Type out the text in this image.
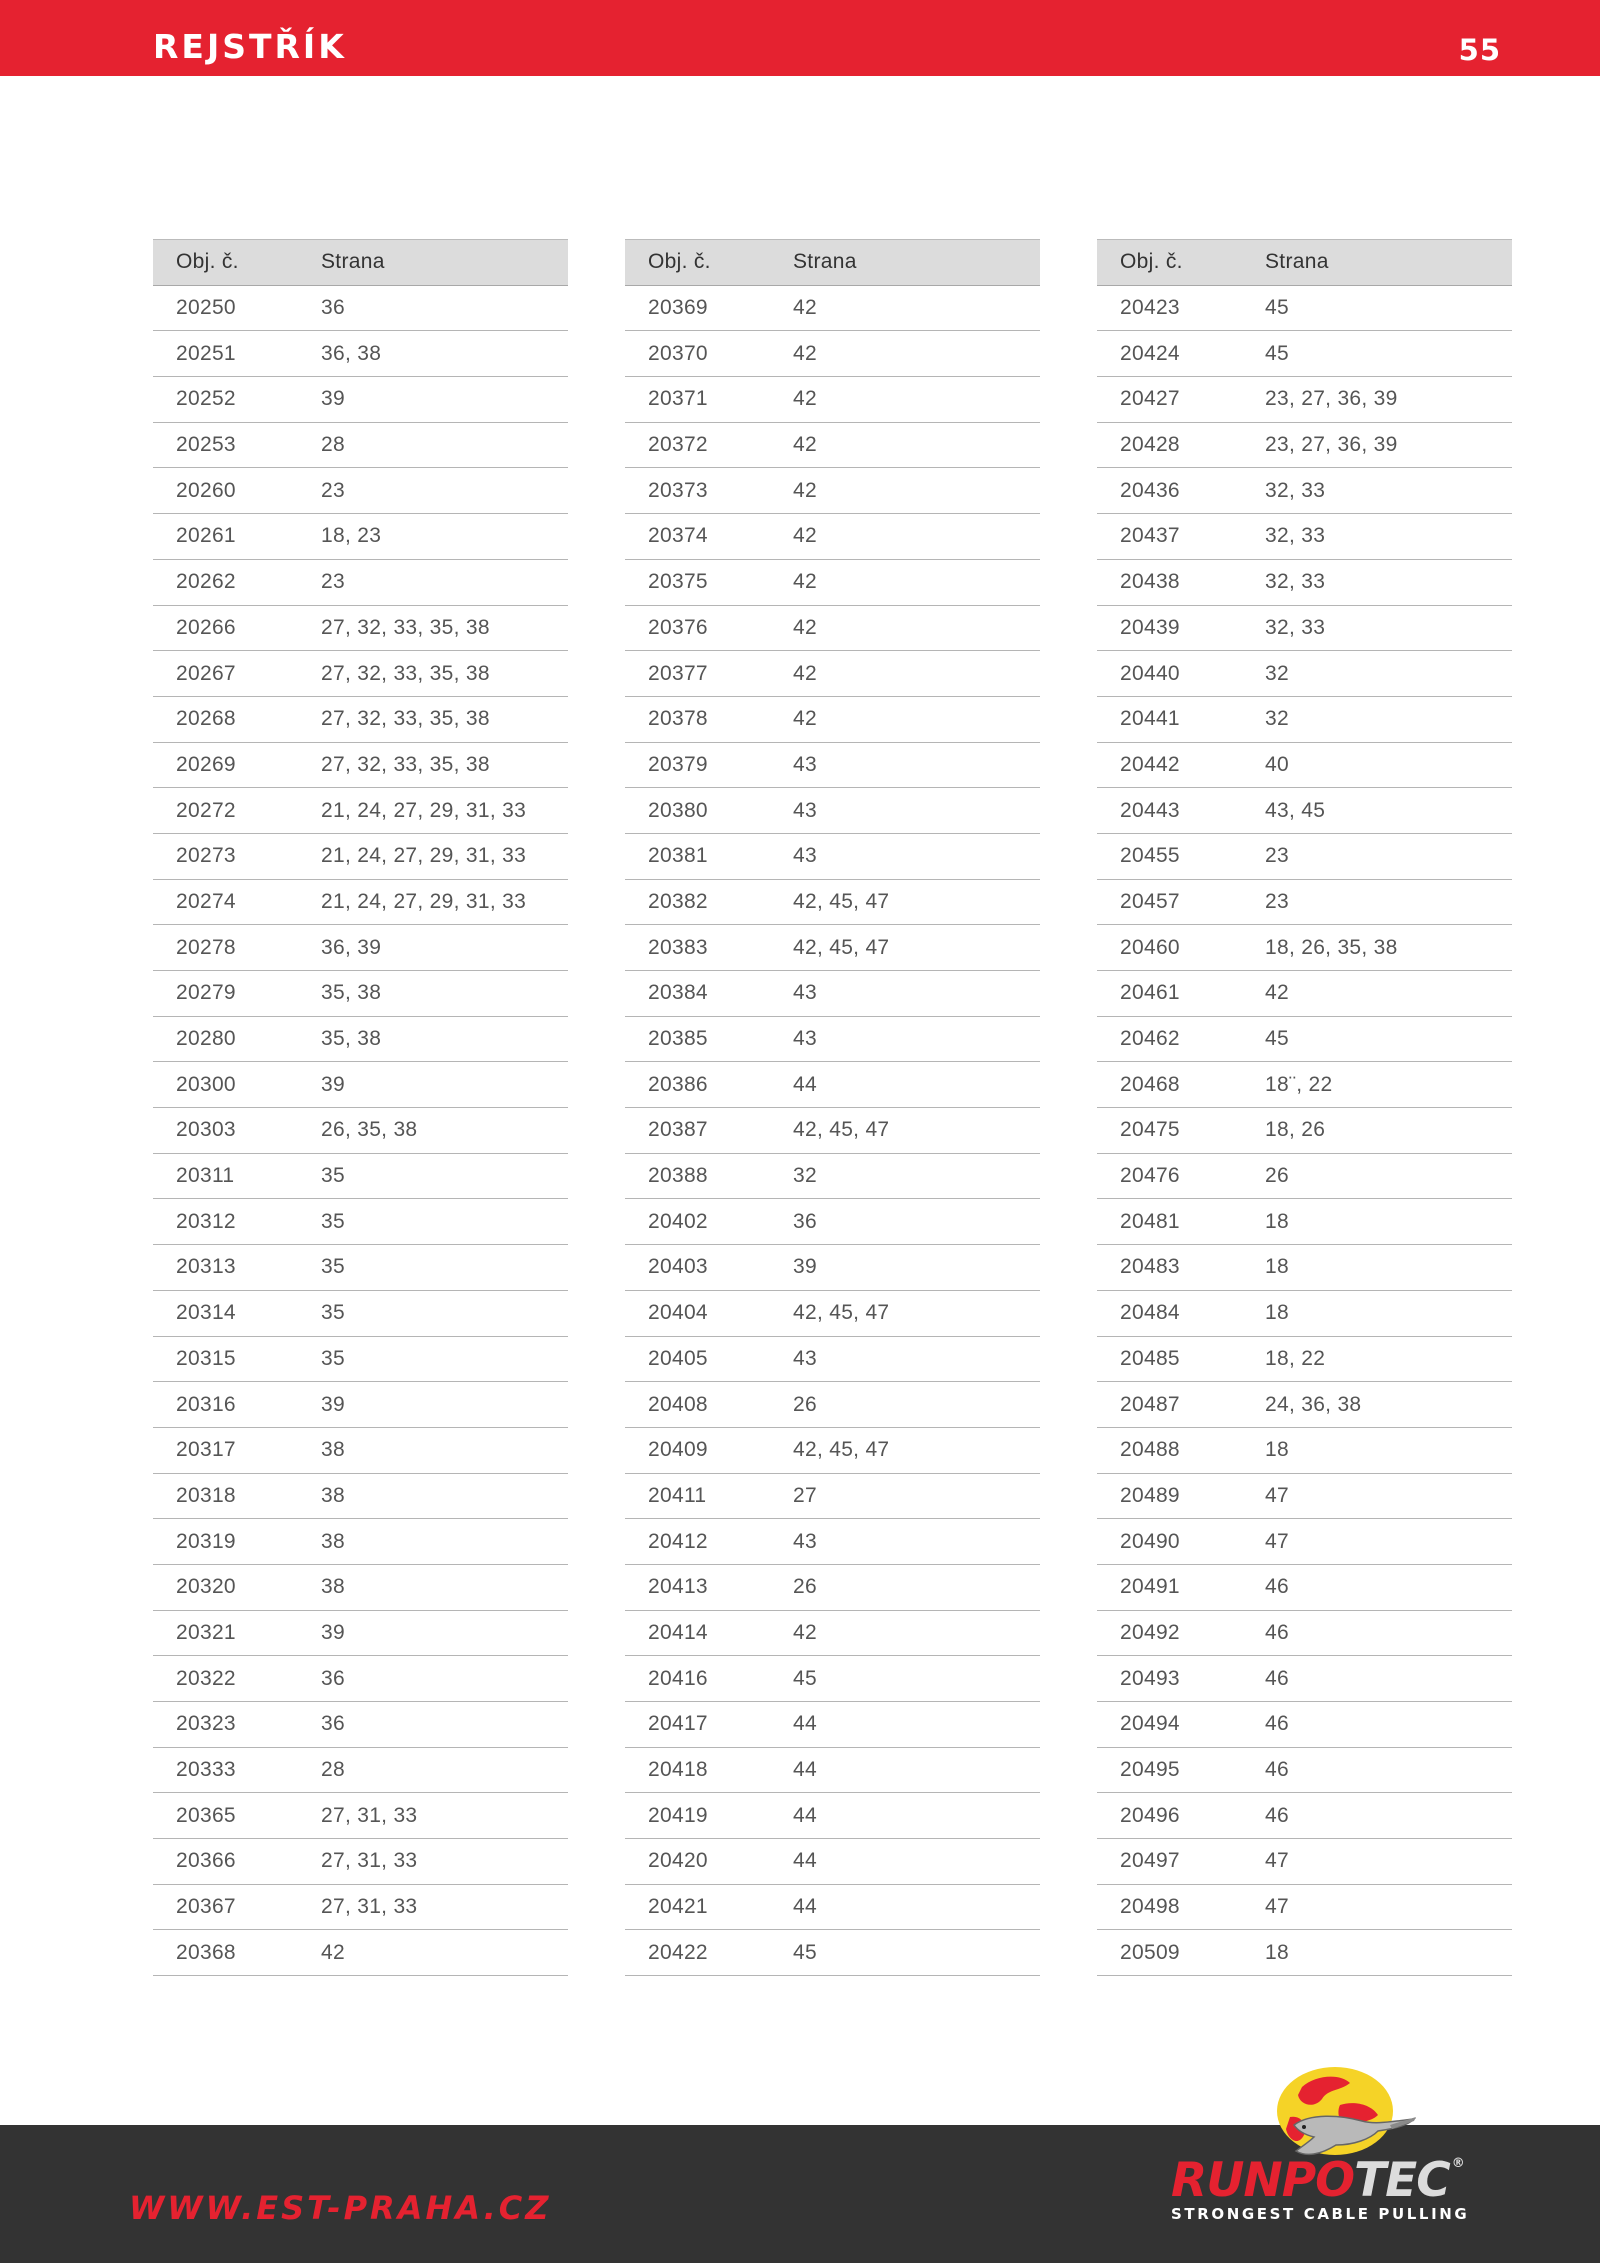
REJSTŘÍK	55
Obj. č.	Strana
20250	36
20251	36, 38
20252	39
20253	28
20260	23
20261	18, 23
20262	23
20266	27, 32, 33, 35, 38
20267	27, 32, 33, 35, 38
20268	27, 32, 33, 35, 38
20269	27, 32, 33, 35, 38
20272	21, 24, 27, 29, 31, 33
20273	21, 24, 27, 29, 31, 33
20274	21, 24, 27, 29, 31, 33
20278	36, 39
20279	35, 38
20280	35, 38
20300	39
20303	26, 35, 38
20311	35
20312	35
20313	35
20314	35
20315	35
20316	39
20317	38
20318	38
20319	38
20320	38
20321	39
20322	36
20323	36
20333	28
20365	27, 31, 33
20366	27, 31, 33
20367	27, 31, 33
20368	42
Obj. č.	Strana
20369	42
20370	42
20371	42
20372	42
20373	42
20374	42
20375	42
20376	42
20377	42
20378	42
20379	43
20380	43
20381	43
20382	42, 45, 47
20383	42, 45, 47
20384	43
20385	43
20386	44
20387	42, 45, 47
20388	32
20402	36
20403	39
20404	42, 45, 47
20405	43
20408	26
20409	42, 45, 47
20411	27
20412	43
20413	26
20414	42
20416	45
20417	44
20418	44
20419	44
20420	44
20421	44
20422	45
Obj. č.	Strana
20423	45
20424	45
20427	23, 27, 36, 39
20428	23, 27, 36, 39
20436	32, 33
20437	32, 33
20438	32, 33
20439	32, 33
20440	32
20441	32
20442	40
20443	43, 45
20455	23
20457	23
20460	18, 26, 35, 38
20461	42
20462	45
20468	18¨, 22
20475	18, 26
20476	26
20481	18
20483	18
20484	18
20485	18, 22
20487	24, 36, 38
20488	18
20489	47
20490	47
20491	46
20492	46
20493	46
20494	46
20495	46
20496	46
20497	47
20498	47
20509	18
WWW.EST-PRAHA.CZ	RUNPOTEC ®
STRONGEST CABLE PULLING
